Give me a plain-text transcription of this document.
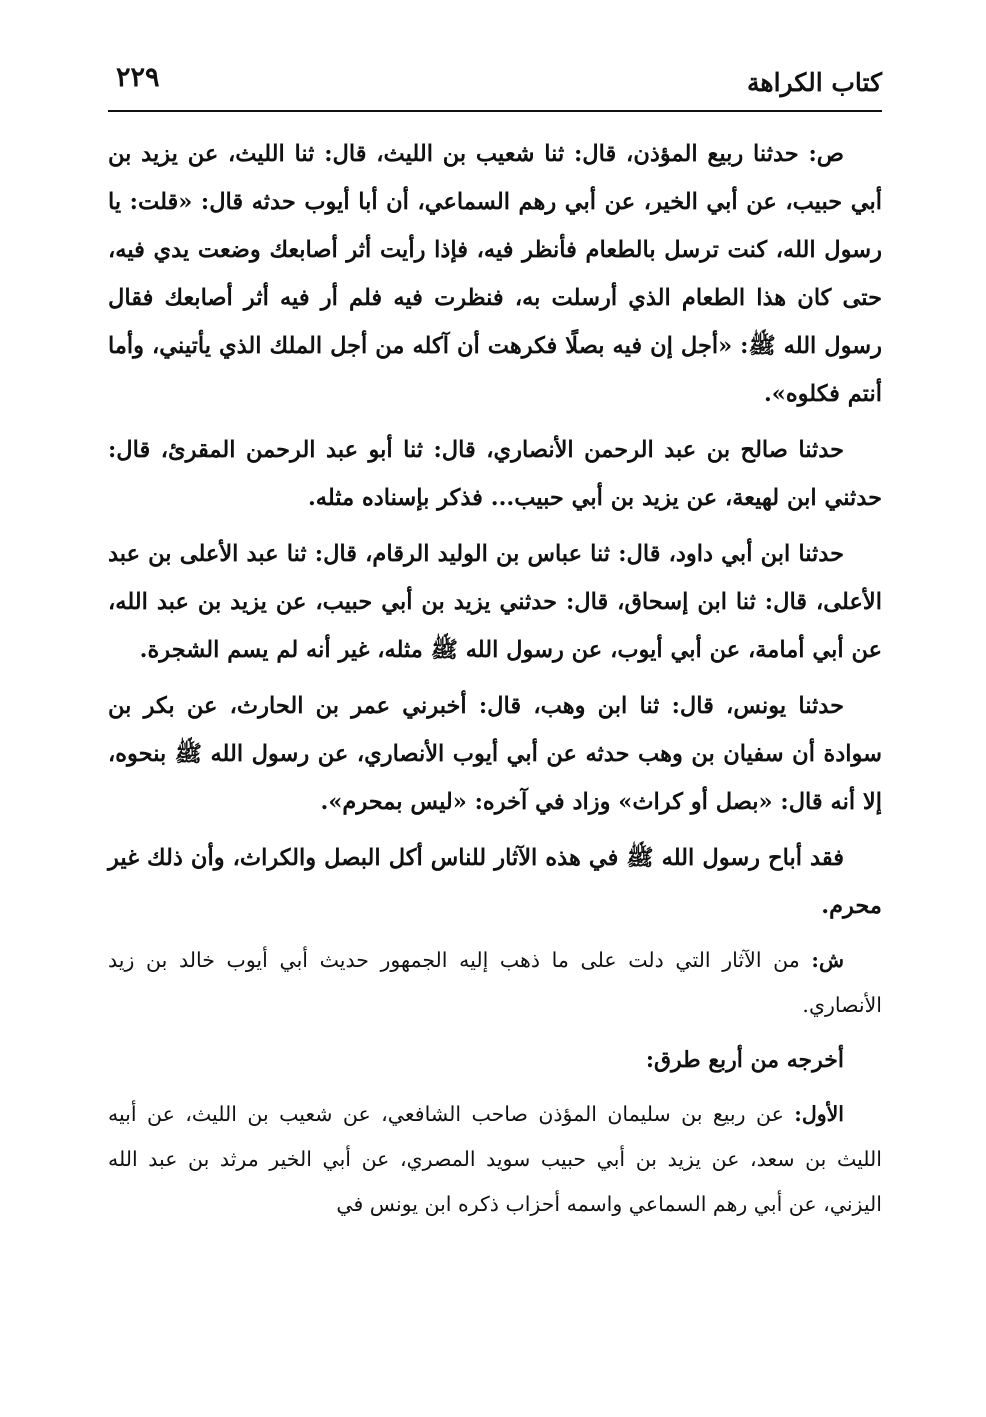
كتاب الكراهة
٢٢٩

ص: حدثنا ربيع المؤذن، قال: ثنا شعيب بن الليث، قال: ثنا الليث، عن يزيد بن أبي حبيب، عن أبي الخير، عن أبي رهم السماعي، أن أبا أيوب حدثه قال: «قلت: يا رسول الله، كنت ترسل بالطعام فأنظر فيه، فإذا رأيت أثر أصابعك وضعت يدي فيه، حتى كان هذا الطعام الذي أرسلت به، فنظرت فيه فلم أر فيه أثر أصابعك فقال رسول الله ﷺ: «أجل إن فيه بصلًا فكرهت أن آكله من أجل الملك الذي يأتيني، وأما أنتم فكلوه».

حدثنا صالح بن عبد الرحمن الأنصاري، قال: ثنا أبو عبد الرحمن المقرئ، قال: حدثني ابن لهيعة، عن يزيد بن أبي حبيب... فذكر بإسناده مثله.

حدثنا ابن أبي داود، قال: ثنا عباس بن الوليد الرقام، قال: ثنا عبد الأعلى بن عبد الأعلى، قال: ثنا ابن إسحاق، قال: حدثني يزيد بن أبي حبيب، عن يزيد بن عبد الله، عن أبي أمامة، عن أبي أيوب، عن رسول الله ﷺ مثله، غير أنه لم يسم الشجرة.

حدثنا يونس، قال: ثنا ابن وهب، قال: أخبرني عمر بن الحارث، عن بكر بن سوادة أن سفيان بن وهب حدثه عن أبي أيوب الأنصاري، عن رسول الله ﷺ بنحوه، إلا أنه قال: «بصل أو كراث» وزاد في آخره: «ليس بمحرم».

فقد أباح رسول الله ﷺ في هذه الآثار للناس أكل البصل والكراث، وأن ذلك غير محرم.

ش: من الآثار التي دلت على ما ذهب إليه الجمهور حديث أبي أيوب خالد بن زيد الأنصاري.

أخرجه من أربع طرق:

الأول: عن ربيع بن سليمان المؤذن صاحب الشافعي، عن شعيب بن الليث، عن أبيه الليث بن سعد، عن يزيد بن أبي حبيب سويد المصري، عن أبي الخير مرثد بن عبد الله اليزني، عن أبي رهم السماعي واسمه أحزاب ذكره ابن يونس في
